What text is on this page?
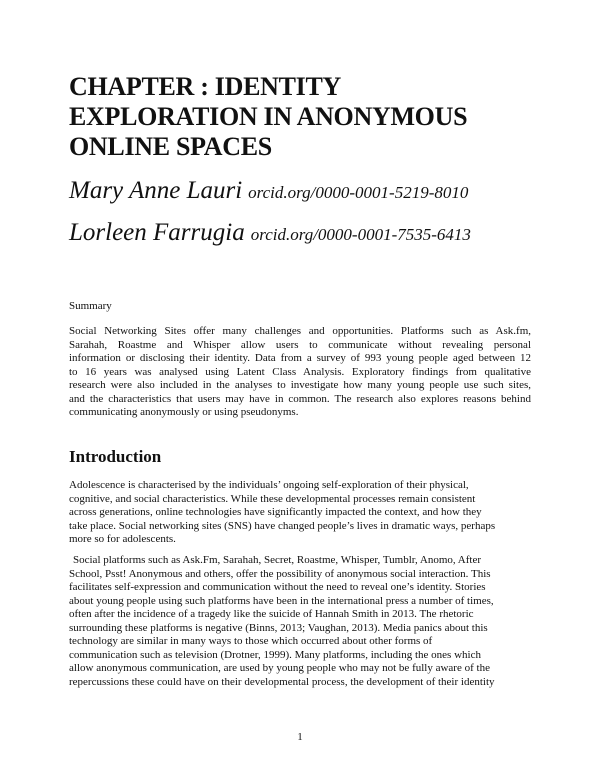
CHAPTER : IDENTITY
EXPLORATION IN ANONYMOUS
ONLINE SPACES

Mary Anne Lauri orcid.org/0000-0001-5219-8010

Lorleen Farrugia orcid.org/0000-0001-7535-6413

Summary

Social Networking Sites offer many challenges and opportunities. Platforms such as Ask.fm,
Sarahah, Roastme and Whisper allow users to communicate without revealing personal
information or disclosing their identity. Data from a survey of 993 young people aged between 12
to 16 years was analysed using Latent Class Analysis. Exploratory findings from qualitative
research were also included in the analyses to investigate how many young people use such sites,
and the characteristics that users may have in common. The research also explores reasons behind
communicating anonymously or using pseudonyms.

Introduction

Adolescence is characterised by the individuals’ ongoing self-exploration of their physical,
cognitive, and social characteristics. While these developmental processes remain consistent
across generations, online technologies have significantly impacted the context, and how they
take place. Social networking sites (SNS) have changed people’s lives in dramatic ways, perhaps
more so for adolescents.

Social platforms such as Ask.Fm, Sarahah, Secret, Roastme, Whisper, Tumblr, Anomo, After
School, Psst! Anonymous and others, offer the possibility of anonymous social interaction. This
facilitates self-expression and communication without the need to reveal one’s identity. Stories
about young people using such platforms have been in the international press a number of times,
often after the incidence of a tragedy like the suicide of Hannah Smith in 2013. The rhetoric
surrounding these platforms is negative (Binns, 2013; Vaughan, 2013). Media panics about this
technology are similar in many ways to those which occurred about other forms of
communication such as television (Drotner, 1999). Many platforms, including the ones which
allow anonymous communication, are used by young people who may not be fully aware of the
repercussions these could have on their developmental process, the development of their identity

1
